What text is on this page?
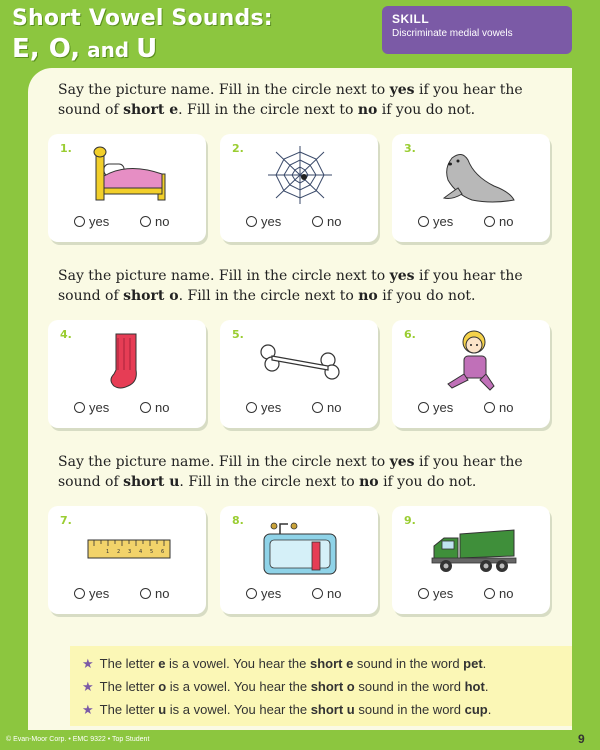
Short Vowel Sounds:
E, O, and U
SKILL
Discriminate medial vowels
Say the picture name. Fill in the circle next to yes if you hear the sound of short e. Fill in the circle next to no if you do not.
1.
yes	no
2.
yes	no
3.
yes	no
Say the picture name. Fill in the circle next to yes if you hear the sound of short o. Fill in the circle next to no if you do not.
4.
yes	no
5.
yes	no
6.
yes	no
Say the picture name. Fill in the circle next to yes if you hear the sound of short u. Fill in the circle next to no if you do not.
7.
1 2 3 4 5 6
yes	no
8.
yes	no
9.
yes	no
★ The letter e is a vowel. You hear the short e sound in the word pet.
★ The letter o is a vowel. You hear the short o sound in the word hot.
★ The letter u is a vowel. You hear the short u sound in the word cup.
© Evan-Moor Corp. • EMC 9322 • Top Student	9
